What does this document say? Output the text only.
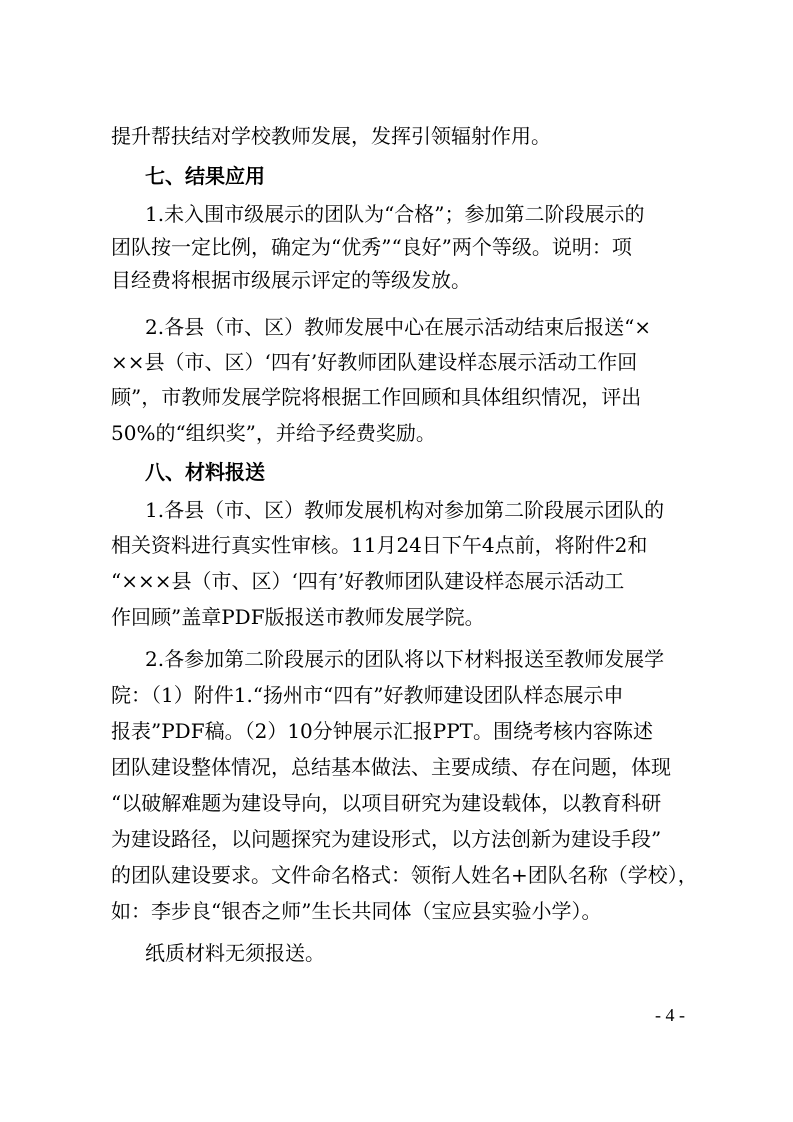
提升帮扶结对学校教师发展，发挥引领辐射作用。
七、结果应用
1.未入围市级展示的团队为“合格”；参加第二阶段展示的
团队按一定比例，确定为“优秀”“良好”两个等级。说明：项
目经费将根据市级展示评定的等级发放。
2.各县（市、区）教师发展中心在展示活动结束后报送“×
××县（市、区）‘四有’好教师团队建设样态展示活动工作回
顾”，市教师发展学院将根据工作回顾和具体组织情况，评出
50%的“组织奖”，并给予经费奖励。
八、材料报送
1.各县（市、区）教师发展机构对参加第二阶段展示团队的
相关资料进行真实性审核。11月24日下午4点前，将附件2和
“×××县（市、区）‘四有’好教师团队建设样态展示活动工
作回顾”盖章PDF版报送市教师发展学院。
2.各参加第二阶段展示的团队将以下材料报送至教师发展学
院：（1）附件1.“扬州市“四有”好教师建设团队样态展示申
报表”PDF稿。（2）10分钟展示汇报PPT。围绕考核内容陈述
团队建设整体情况，总结基本做法、主要成绩、存在问题，体现
“以破解难题为建设导向，以项目研究为建设载体，以教育科研
为建设路径，以问题探究为建设形式，以方法创新为建设手段”
的团队建设要求。文件命名格式：领衔人姓名+团队名称（学校），
如：李步良“银杏之师”生长共同体（宝应县实验小学）。
纸质材料无须报送。
- 4 -
